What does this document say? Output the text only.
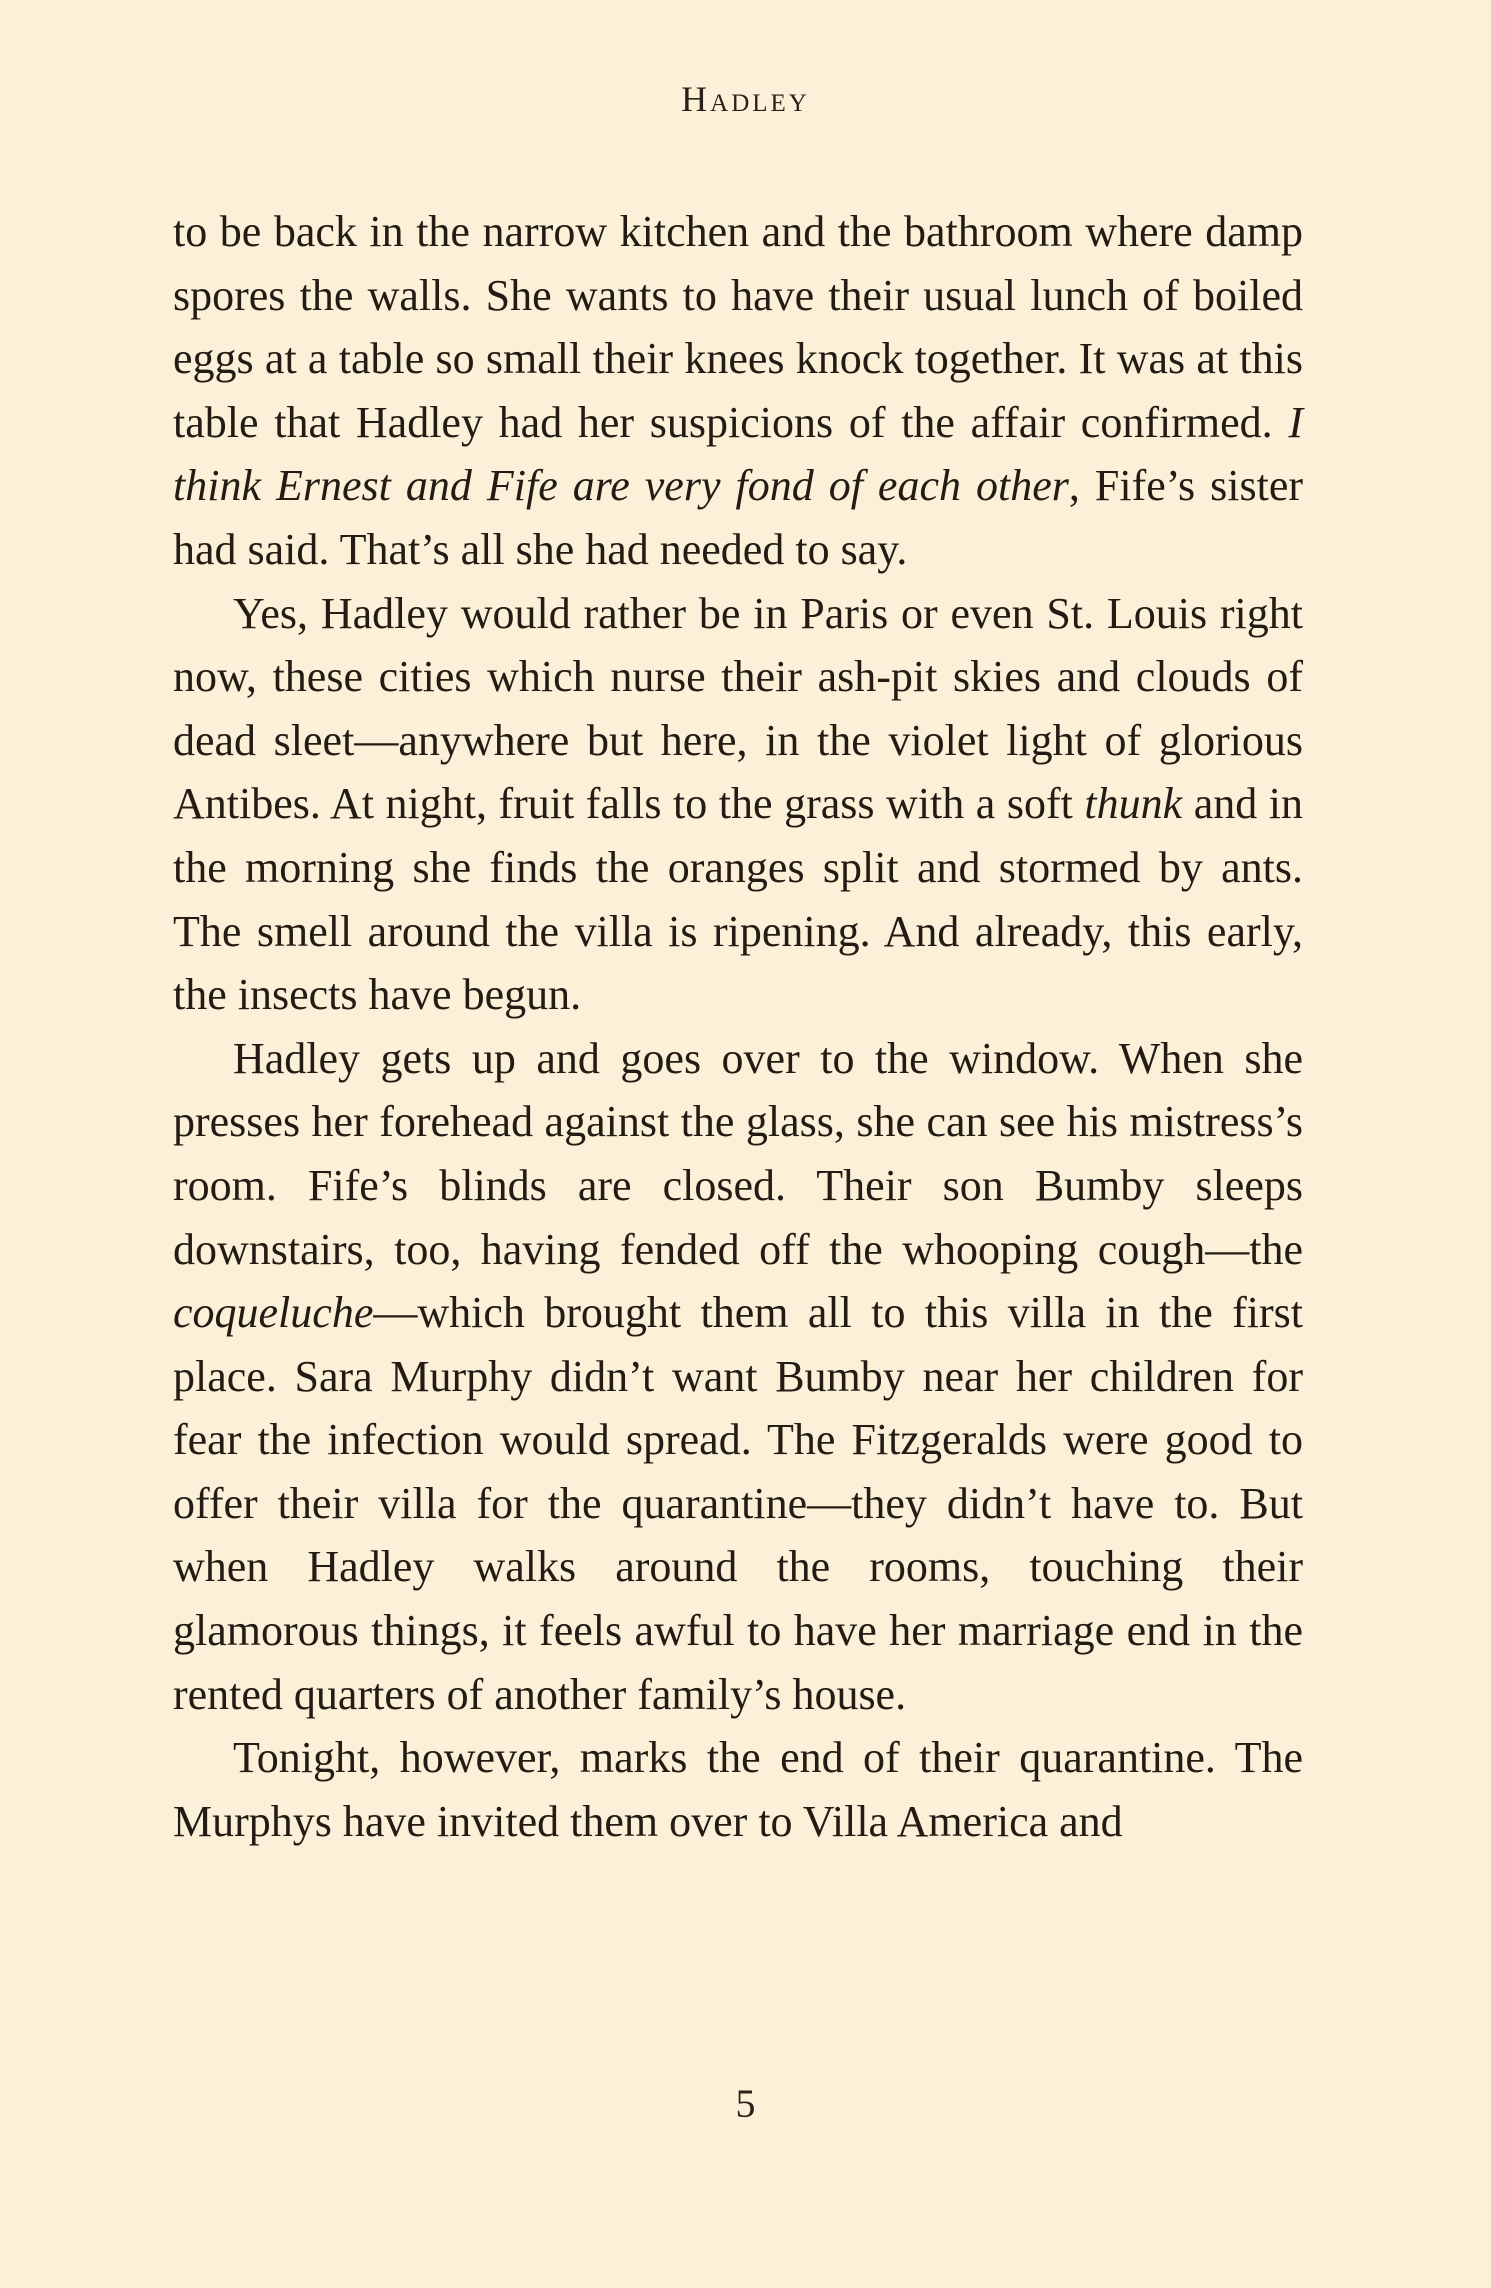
Hadley

to be back in the narrow kitchen and the bathroom where damp spores the walls. She wants to have their usual lunch of boiled eggs at a table so small their knees knock together. It was at this table that Hadley had her suspicions of the affair confirmed. I think Ernest and Fife are very fond of each other, Fife’s sister had said. That’s all she had needed to say.

Yes, Hadley would rather be in Paris or even St. Louis right now, these cities which nurse their ash-pit skies and clouds of dead sleet—anywhere but here, in the violet light of glorious Antibes. At night, fruit falls to the grass with a soft thunk and in the morning she finds the oranges split and stormed by ants. The smell around the villa is ripening. And already, this early, the insects have begun.

Hadley gets up and goes over to the window. When she presses her forehead against the glass, she can see his mistress’s room. Fife’s blinds are closed. Their son Bumby sleeps downstairs, too, having fended off the whooping cough—the coqueluche—which brought them all to this villa in the first place. Sara Murphy didn’t want Bumby near her children for fear the infection would spread. The Fitzgeralds were good to offer their villa for the quarantine—they didn’t have to. But when Hadley walks around the rooms, touching their glamorous things, it feels awful to have her marriage end in the rented quarters of another family’s house.

Tonight, however, marks the end of their quarantine. The Murphys have invited them over to Villa America and

5
